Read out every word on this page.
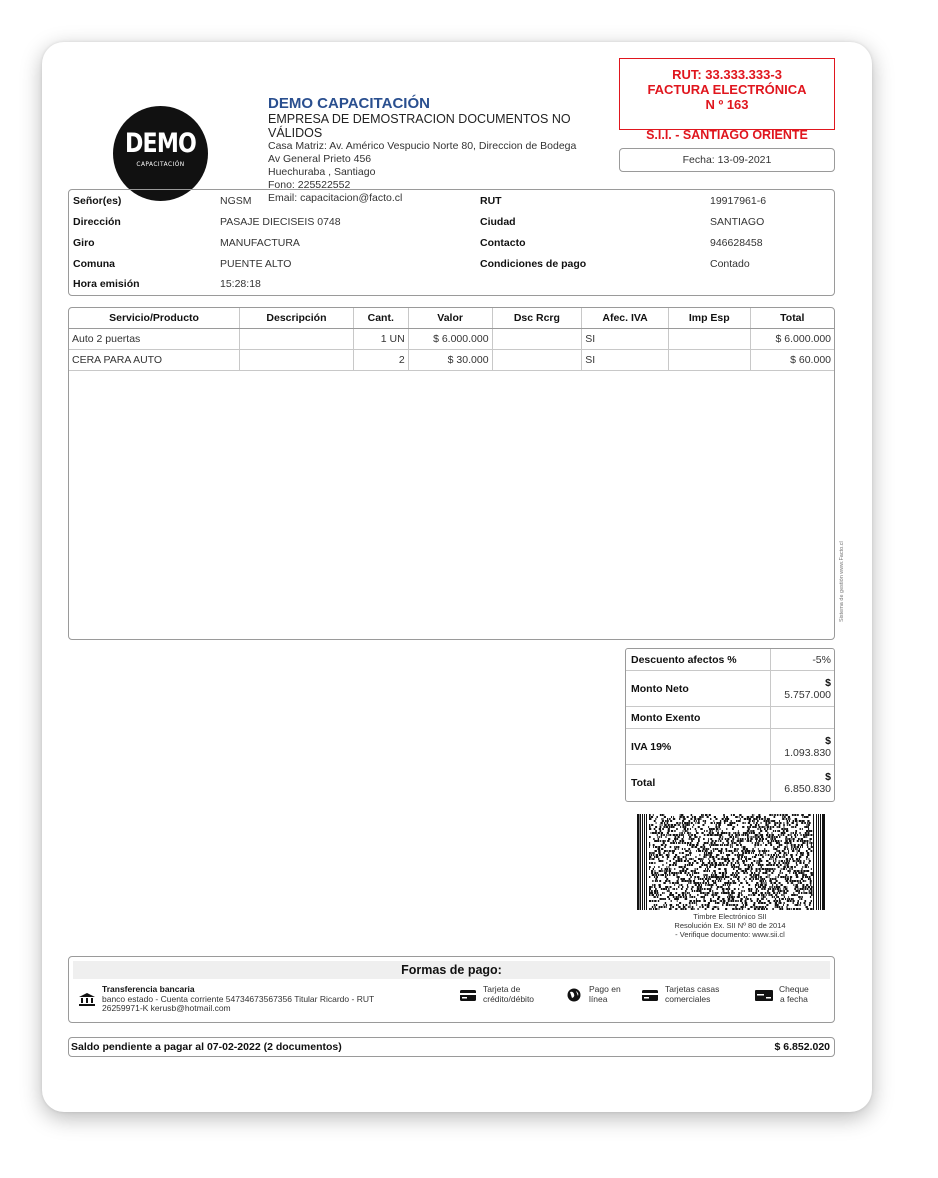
DEMO
CAPACITACIÓN
DEMO CAPACITACIÓN
EMPRESA DE DEMOSTRACION DOCUMENTOS NO
VÁLIDOS
Casa Matriz: Av. Américo Vespucio Norte 80, Direccion de Bodega
Av General Prieto 456
Huechuraba , Santiago
Fono: 225522552
Email: capacitacion@facto.cl
RUT: 33.333.333-3
FACTURA ELECTRÓNICA
N º 163
S.I.I. - SANTIAGO ORIENTE
Fecha: 13-09-2021
Señor(es)	NGSM
Dirección	PASAJE DIECISEIS 0748
Giro	MANUFACTURA
Comuna	PUENTE ALTO
Hora emisión	15:28:18
RUT	19917961-6
Ciudad	SANTIAGO
Contacto	946628458
Condiciones de pago	Contado
Servicio/Producto	Descripción	Cant.	Valor	Dsc Rcrg	Afec. IVA	Imp Esp	Total
Auto 2 puertas		1 UN	$ 6.000.000		SI		$ 6.000.000
CERA PARA AUTO		2	$ 30.000		SI		$ 60.000
Sistema de gestión www.Facto.cl
Descuento afectos %	-5%
Monto Neto	$
5.757.000
Monto Exento
IVA 19%	$
1.093.830
Total	$
6.850.830
Timbre Electrónico SII
Resolución Ex. SII Nº 80 de 2014
- Verifique documento: www.sii.cl
Formas de pago:
Transferencia bancaria
banco estado - Cuenta corriente 54734673567356 Titular Ricardo - RUT
26259971-K kerusb@hotmail.com
Tarjeta de
crédito/débito
Pago en
línea
Tarjetas casas
comerciales
Cheque
a fecha
Saldo pendiente a pagar al 07-02-2022 (2 documentos)	$ 6.852.020
